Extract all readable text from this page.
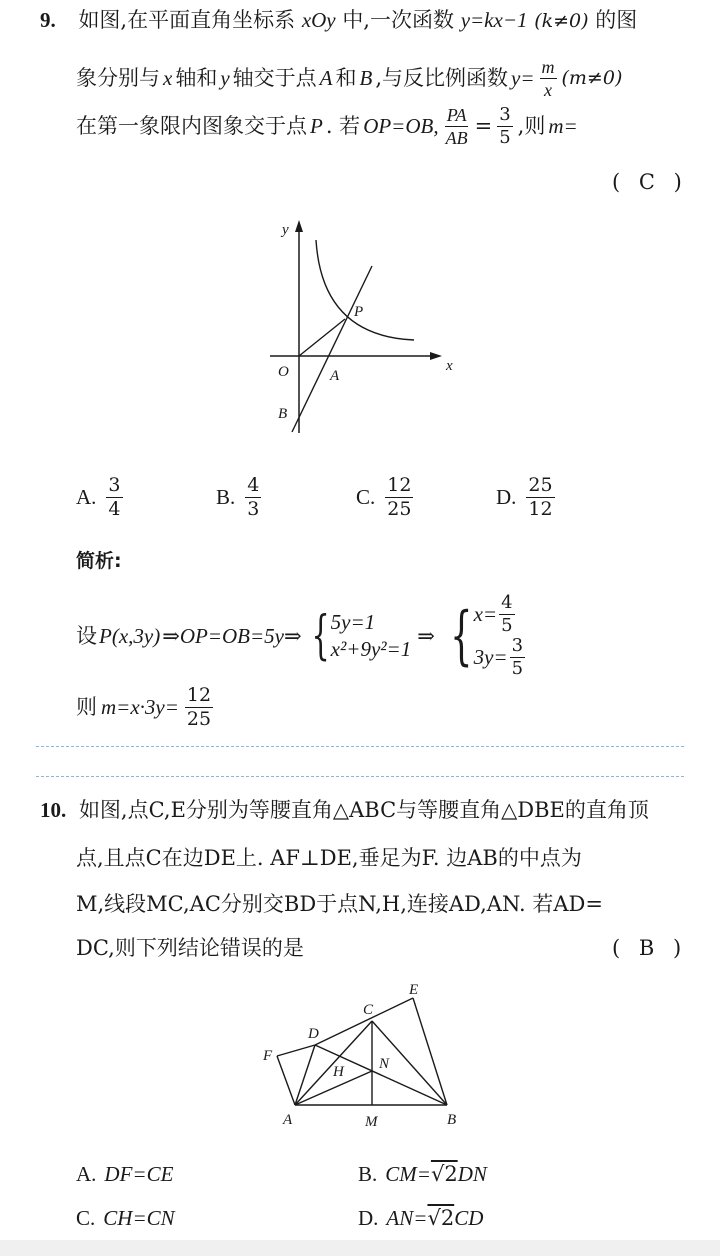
9. 如图,在平面直角坐标系 xOy 中,一次函数 y=kx−1 (k≠0) 的图
象分别与 x 轴和 y 轴交于点 A 和 B ,与反比例函数 $y= \frac{m}{x} (m\ne 0)$
在第一象限内图象交于点 P . 若 OP=OB, $\frac{PA}{AB} = \frac{3}{5}$ ,则 m=
( C )
y
x
O	A
B
P
A. $\frac{3}{4}$	B. $\frac{4}{3}$	C. $\frac{12}{25}$	D. $\frac{25}{12}$
简析:
设 P(x,3y) ⇒OP=OB=5y⇒ { 5y=1
x²+9y²=1
⇒ { $x= \frac{4}{5}$
$3y= \frac{3}{5}$
则 $m=x\cdot 3y= \frac{12}{25}$
10. 如图,点C,E分别为等腰直角△ABC与等腰直角△DBE的直角顶
点,且点C在边DE上. AF⊥DE,垂足为F. 边AB的中点为
M,线段MC,AC分别交BD于点N,H,连接AD,AN. 若AD=
DC,则下列结论错误的是	( B )
C
E
D
F
H N
A	M	B
A. DF=CE	B. CM=√2DN
C. CH=CN	D. AN=√2CD
